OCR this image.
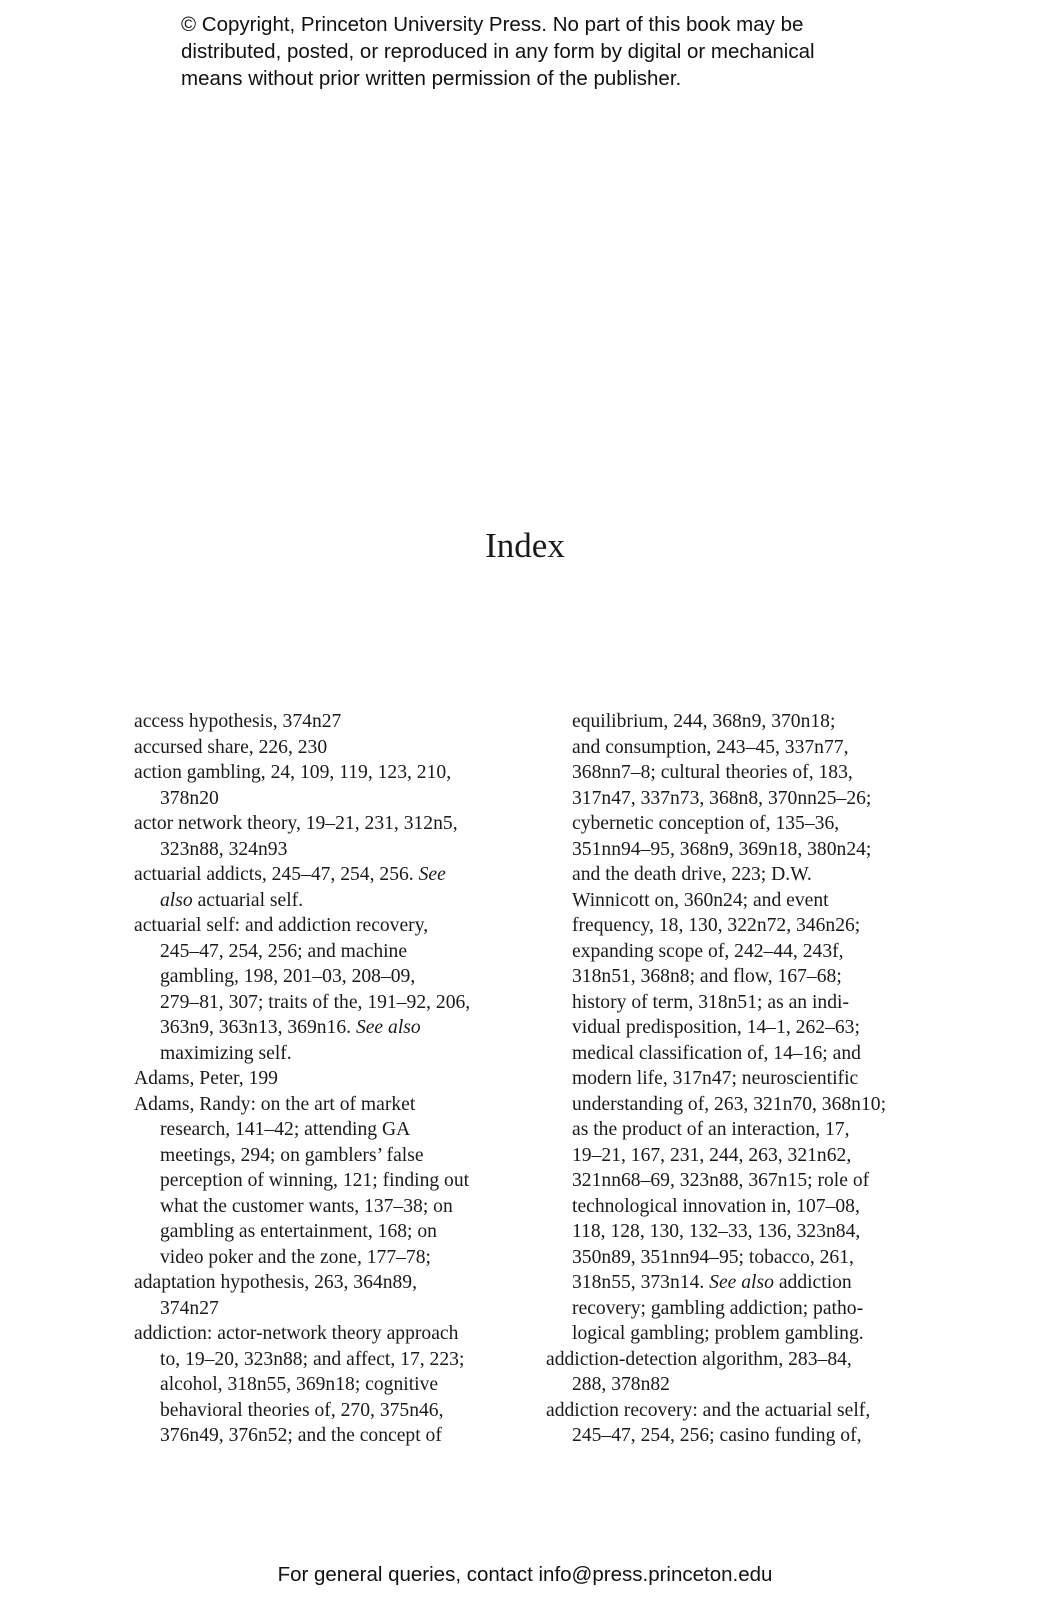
© Copyright, Princeton University Press. No part of this book may be
distributed, posted, or reproduced in any form by digital or mechanical
means without prior written permission of the publisher.
Index
access hypothesis, 374n27
accursed share, 226, 230
action gambling, 24, 109, 119, 123, 210,
378n20
actor network theory, 19–21, 231, 312n5,
323n88, 324n93
actuarial addicts, 245–47, 254, 256. See
also actuarial self.
actuarial self: and addiction recovery,
245–47, 254, 256; and machine
gambling, 198, 201–03, 208–09,
279–81, 307; traits of the, 191–92, 206,
363n9, 363n13, 369n16. See also
maximizing self.
Adams, Peter, 199
Adams, Randy: on the art of market
research, 141–42; attending GA
meetings, 294; on gamblers’ false
perception of winning, 121; finding out
what the customer wants, 137–38; on
gambling as entertainment, 168; on
video poker and the zone, 177–78;
adaptation hypothesis, 263, 364n89,
374n27
addiction: actor-network theory approach
to, 19–20, 323n88; and affect, 17, 223;
alcohol, 318n55, 369n18; cognitive
behavioral theories of, 270, 375n46,
376n49, 376n52; and the concept of
equilibrium, 244, 368n9, 370n18;
and consumption, 243–45, 337n77,
368nn7–8; cultural theories of, 183,
317n47, 337n73, 368n8, 370nn25–26;
cybernetic conception of, 135–36,
351nn94–95, 368n9, 369n18, 380n24;
and the death drive, 223; D.W.
Winnicott on, 360n24; and event
frequency, 18, 130, 322n72, 346n26;
expanding scope of, 242–44, 243f,
318n51, 368n8; and flow, 167–68;
history of term, 318n51; as an indi-
vidual predisposition, 14–1, 262–63;
medical classification of, 14–16; and
modern life, 317n47; neuroscientific
understanding of, 263, 321n70, 368n10;
as the product of an interaction, 17,
19–21, 167, 231, 244, 263, 321n62,
321nn68–69, 323n88, 367n15; role of
technological innovation in, 107–08,
118, 128, 130, 132–33, 136, 323n84,
350n89, 351nn94–95; tobacco, 261,
318n55, 373n14. See also addiction
recovery; gambling addiction; patho-
logical gambling; problem gambling.
addiction-detection algorithm, 283–84,
288, 378n82
addiction recovery: and the actuarial self,
245–47, 254, 256; casino funding of,
For general queries, contact info@press.princeton.edu
